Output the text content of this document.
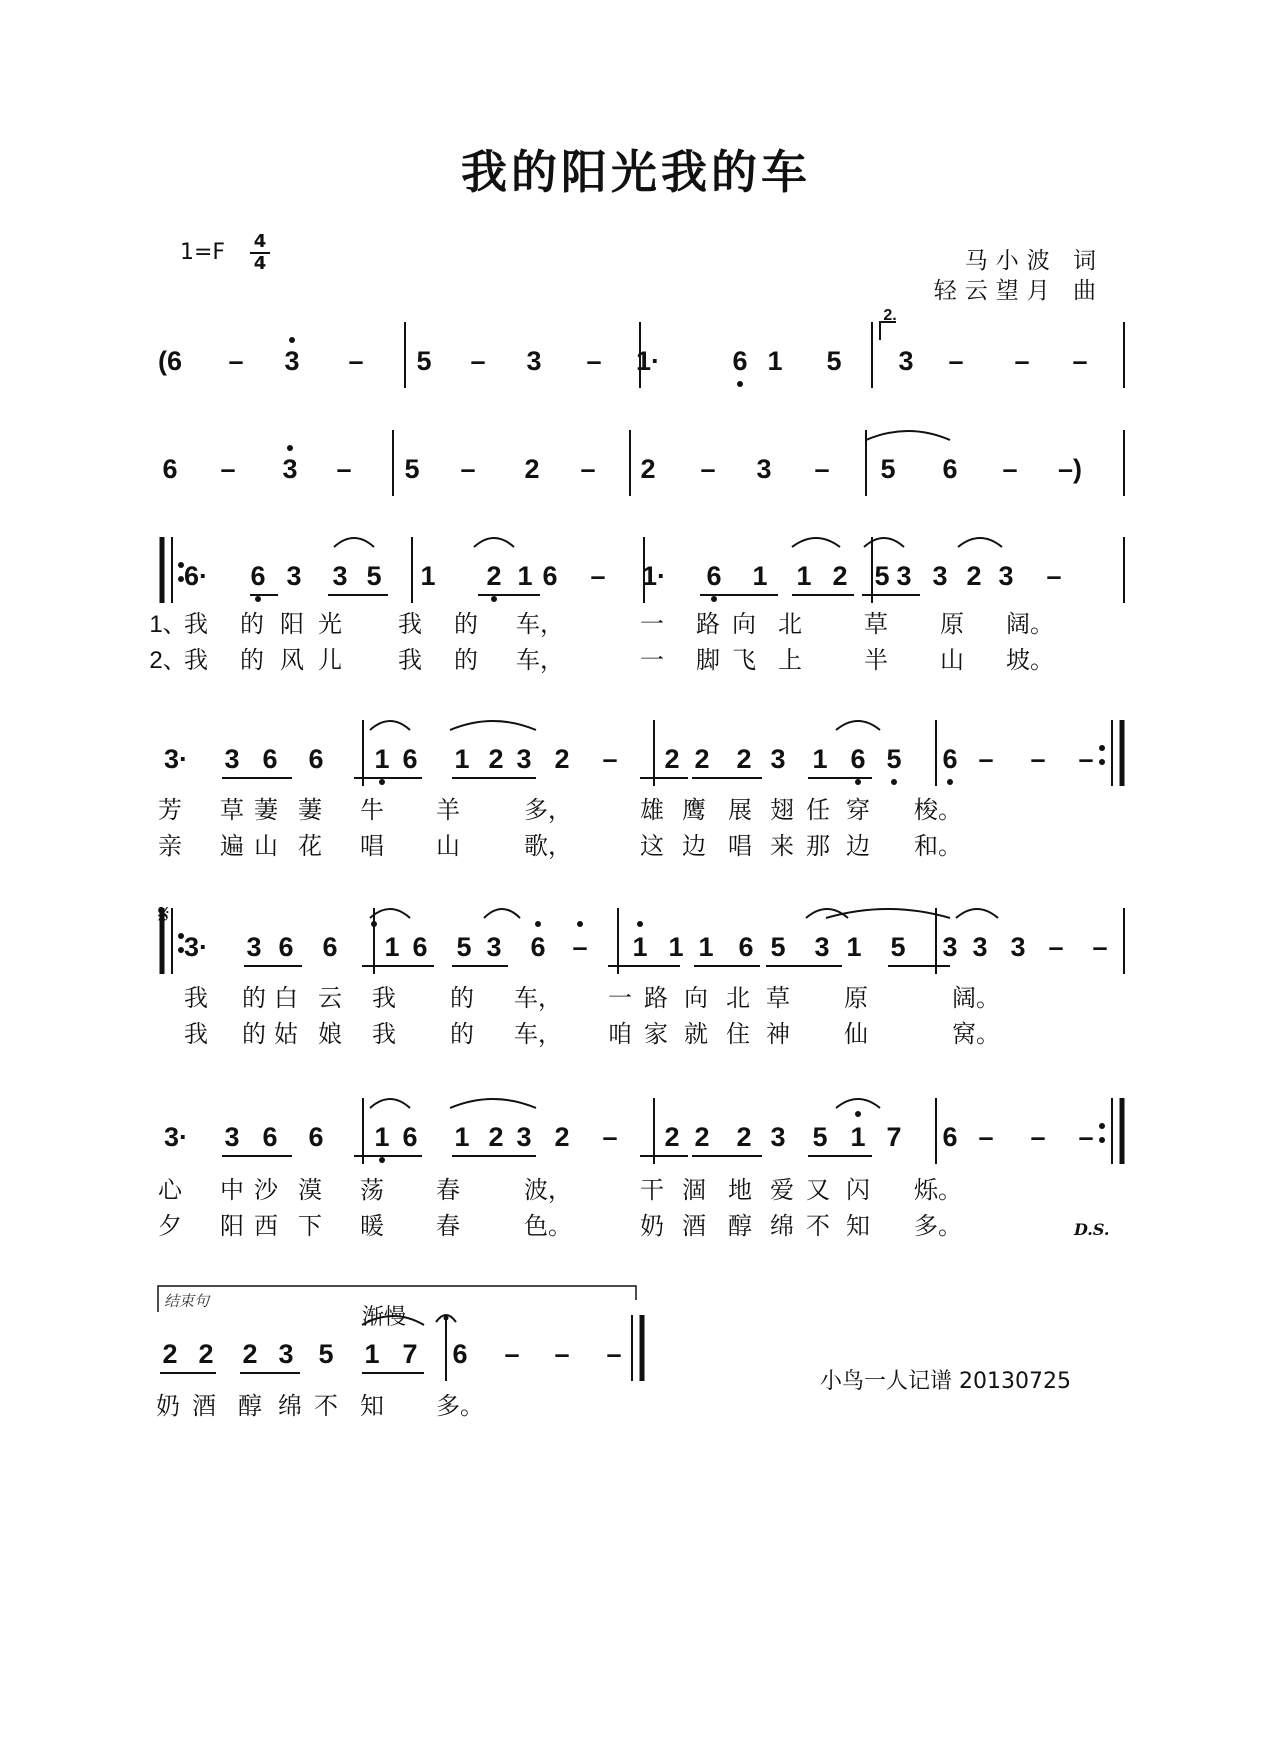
我的阳光我的车
1=F 4
4	马小波 词
轻云望月 曲
(6 – 3 – 5 – 3 – 1·	6 1 5 3 – – –
6 – 3 – 5 – 2 – 2 – 3 – 5 6 – –)
6· 6 3 3 5 1 2 1 6 – 1· 6 1 1 2 5 3 3 2 3 –
3· 3 6 6 1 6 1 2 3 2 – 2 2 2 3 1 6 5 6 – – –
3· 3 6 6 1 6 5 3 6 – 1 1 1 6 5 3 1 5 3 3 3 – –
3· 3 6 6 1 6 1 2 3 2 – 2 2 2 3 5 1 7 6 – – –
2 2 2 3 5 1 7 6 – – –
2.
1、
我 的 阳 光 我 的 车，	一 路 向 北	草 原 阔。
2、
我 的 风 儿 我 的 车，	一 脚 飞 上	半 山 坡。
芳 草 萋 萋 牛 羊	多，	雄 鹰 展 翅 任 穿 梭。
亲 遍 山 花 唱 山	歌，	这 边 唱 来 那 边 和。
我 的 白 云 我 的 车， 一 路 向 北 草 原	阔。
我 的 姑 娘 我 的 车， 咱 家 就 住 神 仙	窝。
心 中 沙 漠 荡 春	波，	干 涸 地 爱 又 闪 烁。
夕 阳 西 下 暖 春	色。	奶 酒 醇 绵 不 知 多。
奶 酒 醇 绵 不 知 多。
𝄋
D.S.
渐慢
结束句
小鸟一人记谱 20130725
